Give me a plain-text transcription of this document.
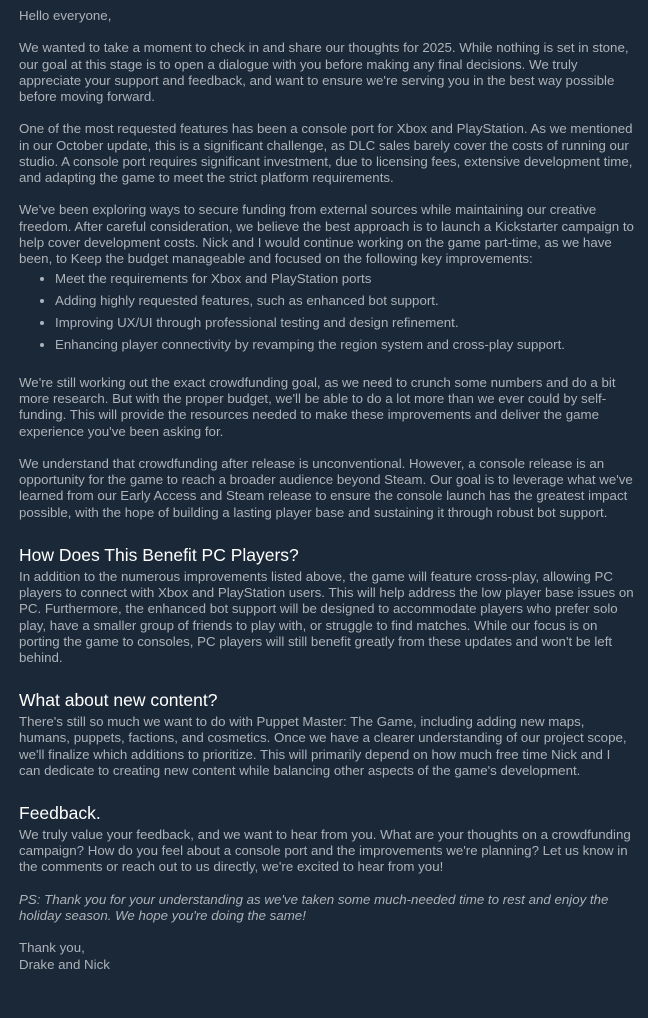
Hello everyone,

We wanted to take a moment to check in and share our thoughts for 2025. While nothing is set in stone, our goal at this stage is to open a dialogue with you before making any final decisions. We truly appreciate your support and feedback, and want to ensure we're serving you in the best way possible before moving forward.

One of the most requested features has been a console port for Xbox and PlayStation. As we mentioned in our October update, this is a significant challenge, as DLC sales barely cover the costs of running our studio. A console port requires significant investment, due to licensing fees, extensive development time, and adapting the game to meet the strict platform requirements.

We've been exploring ways to secure funding from external sources while maintaining our creative freedom. After careful consideration, we believe the best approach is to launch a Kickstarter campaign to help cover development costs. Nick and I would continue working on the game part-time, as we have been, to Keep the budget manageable and focused on the following key improvements:

• Meet the requirements for Xbox and PlayStation ports
• Adding highly requested features, such as enhanced bot support.
• Improving UX/UI through professional testing and design refinement.
• Enhancing player connectivity by revamping the region system and cross-play support.

We're still working out the exact crowdfunding goal, as we need to crunch some numbers and do a bit more research. But with the proper budget, we'll be able to do a lot more than we ever could by self-funding. This will provide the resources needed to make these improvements and deliver the game experience you've been asking for.

We understand that crowdfunding after release is unconventional. However, a console release is an opportunity for the game to reach a broader audience beyond Steam. Our goal is to leverage what we've learned from our Early Access and Steam release to ensure the console launch has the greatest impact possible, with the hope of building a lasting player base and sustaining it through robust bot support.

How Does This Benefit PC Players?

In addition to the numerous improvements listed above, the game will feature cross-play, allowing PC players to connect with Xbox and PlayStation users. This will help address the low player base issues on PC. Furthermore, the enhanced bot support will be designed to accommodate players who prefer solo play, have a smaller group of friends to play with, or struggle to find matches. While our focus is on porting the game to consoles, PC players will still benefit greatly from these updates and won't be left behind.

What about new content?

There's still so much we want to do with Puppet Master: The Game, including adding new maps, humans, puppets, factions, and cosmetics. Once we have a clearer understanding of our project scope, we'll finalize which additions to prioritize. This will primarily depend on how much free time Nick and I can dedicate to creating new content while balancing other aspects of the game's development.

Feedback.

We truly value your feedback, and we want to hear from you. What are your thoughts on a crowdfunding campaign? How do you feel about a console port and the improvements we're planning? Let us know in the comments or reach out to us directly, we're excited to hear from you!

PS: Thank you for your understanding as we've taken some much-needed time to rest and enjoy the holiday season. We hope you're doing the same!

Thank you,

Drake and Nick
